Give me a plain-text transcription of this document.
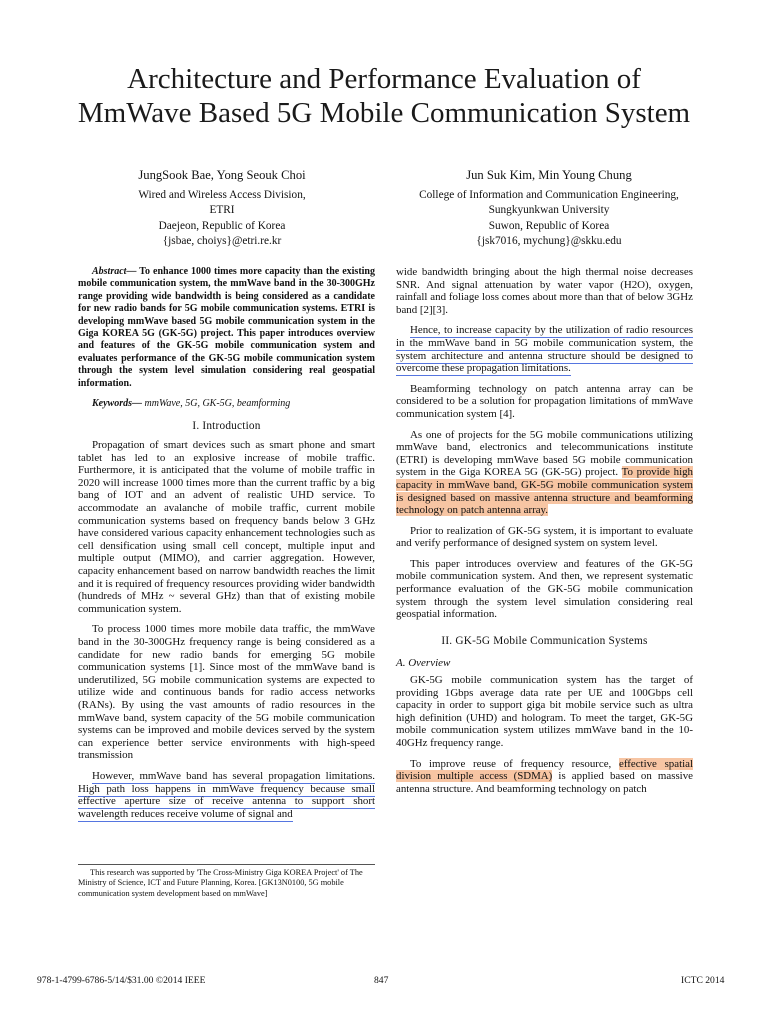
Architecture and Performance Evaluation of
MmWave Based 5G Mobile Communication System
JungSook Bae, Yong Seouk Choi
Wired and Wireless Access Division,
ETRI
Daejeon, Republic of Korea
{jsbae, choiys}@etri.re.kr
Jun Suk Kim, Min Young Chung
College of Information and Communication Engineering,
Sungkyunkwan University
Suwon, Republic of Korea
{jsk7016, mychung}@skku.edu

Abstract— To enhance 1000 times more capacity than the existing mobile communication system, the mmWave band in the 30-300GHz range providing wide bandwidth is being considered as a candidate for new radio bands for 5G mobile communication systems. ETRI is developing mmWave based 5G mobile communication system in the Giga KOREA 5G (GK-5G) project. This paper introduces overview and features of the GK-5G mobile communication system and evaluates performance of the GK-5G mobile communication system through the system level simulation considering real geospatial information.

Keywords— mmWave, 5G, GK-5G, beamforming

I. Introduction

Propagation of smart devices such as smart phone and smart tablet has led to an explosive increase of mobile traffic. Furthermore, it is anticipated that the volume of mobile traffic in 2020 will increase 1000 times more than the current traffic by a big bang of IOT and an advent of realistic UHD service. To accommodate an avalanche of mobile traffic, current mobile communication systems based on frequency bands below 3 GHz have considered various capacity enhancement technologies such as cell densification using small cell concept, multiple input and multiple output (MIMO), and carrier aggregation. However, capacity enhancement based on narrow bandwidth reaches the limit and it is required of frequency resources providing wider bandwidth (hundreds of MHz ~ several GHz) than that of existing mobile communication system.

To process 1000 times more mobile data traffic, the mmWave band in the 30-300GHz frequency range is being considered as a candidate for new radio bands for emerging 5G mobile communication systems [1]. Since most of the mmWave band is underutilized, 5G mobile communication systems are expected to utilize wide and continuous bands for radio access networks (RANs). By using the vast amounts of radio resources in the mmWave band, system capacity of the 5G mobile communication systems can be improved and mobile devices served by the system can experience better service environments with high-speed transmission

However, mmWave band has several propagation limitations. High path loss happens in mmWave frequency because small effective aperture size of receive antenna to support short wavelength reduces receive volume of signal and

This research was supported by 'The Cross-Ministry Giga KOREA Project' of The Ministry of Science, ICT and Future Planning, Korea. [GK13N0100, 5G mobile communication system development based on mmWave]

wide bandwidth bringing about the high thermal noise decreases SNR. And signal attenuation by water vapor (H2O), oxygen, rainfall and foliage loss comes about more than that of below 3GHz band [2][3].

Hence, to increase capacity by the utilization of radio resources in the mmWave band in 5G mobile communication system, the system architecture and antenna structure should be designed to overcome these propagation limitations.

Beamforming technology on patch antenna array can be considered to be a solution for propagation limitations of mmWave communication system [4].

As one of projects for the 5G mobile communications utilizing mmWave band, electronics and telecommunications institute (ETRI) is developing mmWave based 5G mobile communication system in the Giga KOREA 5G (GK-5G) project. To provide high capacity in mmWave band, GK-5G mobile communication system is designed based on massive antenna structure and beamforming technology on patch antenna array.

Prior to realization of GK-5G system, it is important to evaluate and verify performance of designed system on system level.

This paper introduces overview and features of the GK-5G mobile communication system. And then, we represent systematic performance evaluation of the GK-5G mobile communication system through the system level simulation considering real geospatial information.

II. GK-5G Mobile Communication Systems
A. Overview

GK-5G mobile communication system has the target of providing 1Gbps average data rate per UE and 100Gbps cell capacity in order to support giga bit mobile service such as ultra high definition (UHD) and hologram. To meet the target, GK-5G mobile communication system utilizes mmWave band in the 10-40GHz frequency range.

To improve reuse of frequency resource, effective spatial division multiple access (SDMA) is applied based on massive antenna structure. And beamforming technology on patch

978-1-4799-6786-5/14/$31.00 ©2014 IEEE	847	ICTC 2014
